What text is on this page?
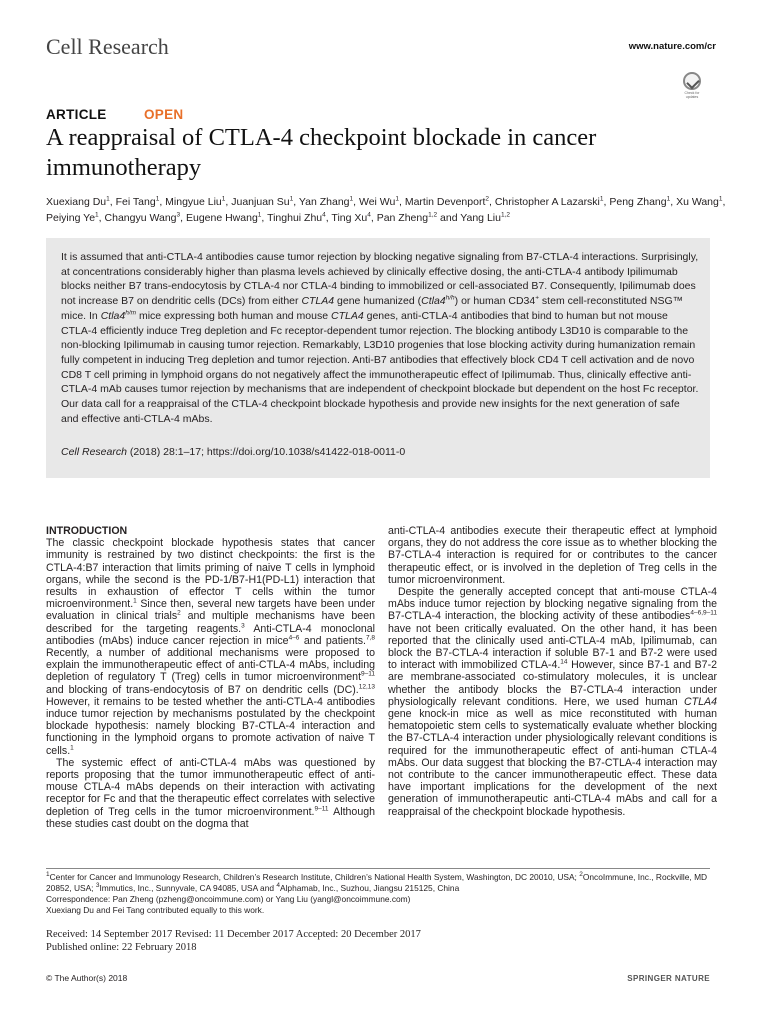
Cell Research	www.nature.com/cr
Check for updates
ARTICLE	OPEN
A reappraisal of CTLA-4 checkpoint blockade in cancer immunotherapy
Xuexiang Du$^1$, Fei Tang$^1$, Mingyue Liu$^1$, Juanjuan Su$^1$, Yan Zhang$^1$, Wei Wu$^1$, Martin Devenport$^2$, Christopher A Lazarski$^1$, Peng Zhang$^1$, Xu Wang$^1$, Peiying Ye$^1$, Changyu Wang$^3$, Eugene Hwang$^1$, Tinghui Zhu$^4$, Ting Xu$^4$, Pan Zheng$^{1,2}$ and Yang Liu$^{1,2}$
It is assumed that anti-CTLA-4 antibodies cause tumor rejection by blocking negative signaling from B7-CTLA-4 interactions. Surprisingly, at concentrations considerably higher than plasma levels achieved by clinically effective dosing, the anti-CTLA-4 antibody Ipilimumab blocks neither B7 trans-endocytosis by CTLA-4 nor CTLA-4 binding to immobilized or cell-associated B7. Consequently, Ipilimumab does not increase B7 on dendritic cells (DCs) from either CTLA4 gene humanized $(Ctla4^{h/h})$ or human CD34+ stem cell-reconstituted NSG™ mice. In $Ctla4^{h/m}$ mice expressing both human and mouse CTLA4 genes, anti-CTLA-4 antibodies that bind to human but not mouse CTLA-4 efficiently induce Treg depletion and Fc receptor-dependent tumor rejection. The blocking antibody L3D10 is comparable to the non-blocking Ipilimumab in causing tumor rejection. Remarkably, L3D10 progenies that lose blocking activity during humanization remain fully competent in inducing Treg depletion and tumor rejection. Anti-B7 antibodies that effectively block CD4 T cell activation and de novo CD8 T cell priming in lymphoid organs do not negatively affect the immunotherapeutic effect of Ipilimumab. Thus, clinically effective anti-CTLA-4 mAb causes tumor rejection by mechanisms that are independent of checkpoint blockade but dependent on the host Fc receptor. Our data call for a reappraisal of the CTLA-4 checkpoint blockade hypothesis and provide new insights for the next generation of safe and effective anti-CTLA-4 mAbs.
Cell Research (2018) 28:1–17; https://doi.org/10.1038/s41422-018-0011-0

INTRODUCTION
The classic checkpoint blockade hypothesis states that cancer immunity is restrained by two distinct checkpoints: the first is the CTLA-4:B7 interaction that limits priming of naive T cells in lymphoid organs, while the second is the PD-1/B7-H1(PD-L1) interaction that results in exhaustion of effector T cells within the tumor microenvironment.$^1$ Since then, several new targets have been under evaluation in clinical trials$^2$ and multiple mechanisms have been described for the targeting reagents.$^3$ Anti-CTLA-4 monoclonal antibodies (mAbs) induce cancer rejection in mice$^{4-6}$ and patients.$^{7,8}$ Recently, a number of additional mechanisms were proposed to explain the immunotherapeutic effect of anti-CTLA-4 mAbs, including depletion of regulatory T (Treg) cells in tumor microenvironment$^{9-11}$ and blocking of trans-endocytosis of B7 on dendritic cells (DC).$^{12,13}$ However, it remains to be tested whether the anti-CTLA-4 antibodies induce tumor rejection by mechanisms postulated by the checkpoint blockade hypothesis: namely blocking B7-CTLA-4 interaction and functioning in the lymphoid organs to promote activation of naive T cells.$^1$

The systemic effect of anti-CTLA-4 mAbs was questioned by reports proposing that the tumor immunotherapeutic effect of anti-mouse CTLA-4 mAbs depends on their interaction with activating receptor for Fc and that the therapeutic effect correlates with selective depletion of Treg cells in the tumor microenvironment.$^{9-11}$ Although these studies cast doubt on the dogma that

anti-CTLA-4 antibodies execute their therapeutic effect at lymphoid organs, they do not address the core issue as to whether blocking the B7-CTLA-4 interaction is required for or contributes to the cancer therapeutic effect, or is involved in the depletion of Treg cells in the tumor microenvironment.

Despite the generally accepted concept that anti-mouse CTLA-4 mAbs induce tumor rejection by blocking negative signaling from the B7-CTLA-4 interaction, the blocking activity of these antibodies$^{4-6,9-11}$ have not been critically evaluated. On the other hand, it has been reported that the clinically used anti-CTLA-4 mAb, Ipilimumab, can block the B7-CTLA-4 interaction if soluble B7-1 and B7-2 were used to interact with immobilized CTLA-4.14 However, since B7-1 and B7-2 are membrane-associated co-stimulatory molecules, it is unclear whether the antibody blocks the B7-CTLA-4 interaction under physiologically relevant conditions. Here, we used human CTLA4 gene knock-in mice as well as mice reconstituted with human hematopoietic stem cells to systematically evaluate whether blocking the B7-CTLA-4 interaction under physiologically relevant conditions is required for the immunotherapeutic effect of anti-human CTLA-4 mAbs. Our data suggest that blocking the B7-CTLA-4 interaction may not contribute to the cancer immunotherapeutic effect. These data have important implications for the development of the next generation of immunotherapeutic anti-CTLA-4 mAbs and call for a reappraisal of the checkpoint blockade hypothesis.

$^1$Center for Cancer and Immunology Research, Children’s Research Institute, Children’s National Health System, Washington, DC 20010, USA; $^2$OncoImmune, Inc., Rockville, MD 20852, USA; $^3$Immutics, Inc., Sunnyvale, CA 94085, USA and $^4$Alphamab, Inc., Suzhou, Jiangsu 215125, China
Correspondence: Pan Zheng (pzheng@oncoimmune.com) or Yang Liu (yangl@oncoimmune.com)
Xuexiang Du and Fei Tang contributed equally to this work.
Received: 14 September 2017 Revised: 11 December 2017 Accepted: 20 December 2017
Published online: 22 February 2018
© The Author(s) 2018	SPRINGER NATURE
